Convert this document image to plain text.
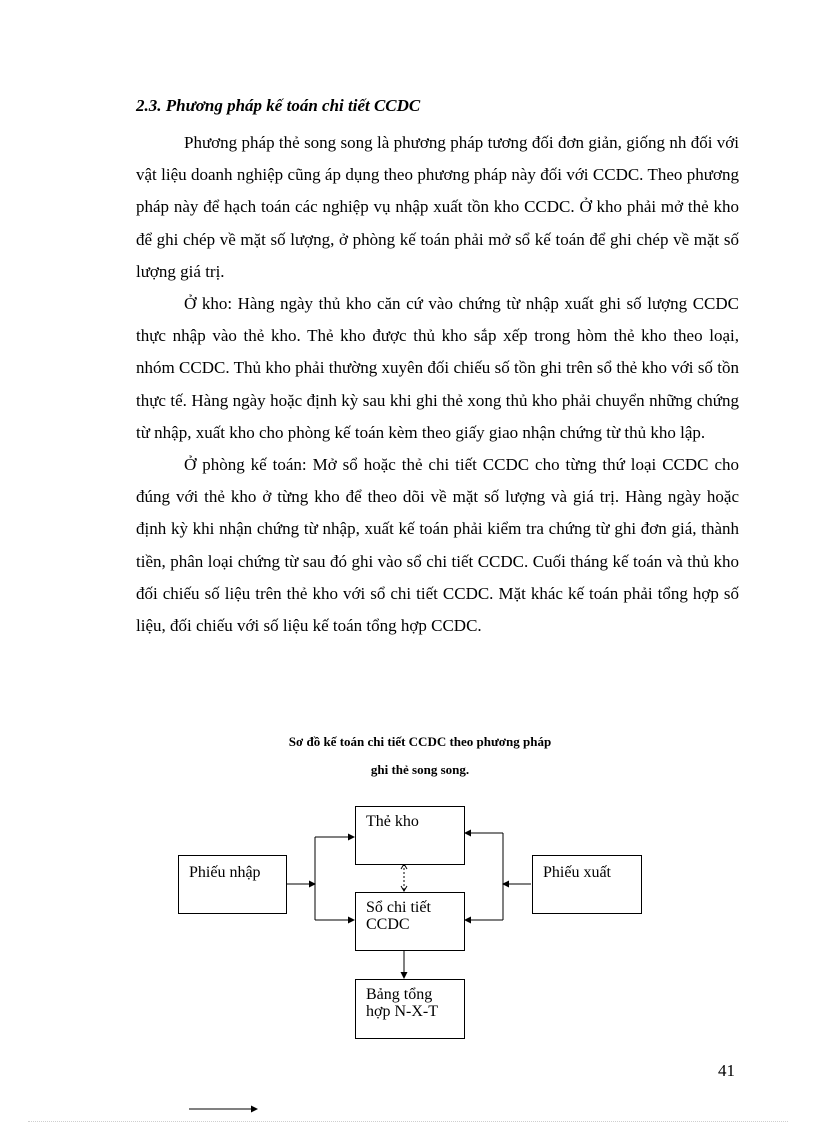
2.3. Phương pháp kế toán chi tiết CCDC

Phương pháp thẻ song song là phương pháp tương đối đơn giản, giống nh đối với vật liệu doanh nghiệp cũng áp dụng theo phương pháp này đối với CCDC. Theo phương pháp này để hạch toán các nghiệp vụ nhập xuất tồn kho CCDC. Ở kho phải mở thẻ kho để ghi chép về mặt số lượng, ở phòng kế toán phải mở sổ kế toán để ghi chép về mặt số lượng giá trị.

Ở kho: Hàng ngày thủ kho căn cứ vào chứng từ nhập xuất ghi số lượng CCDC thực nhập vào thẻ kho. Thẻ kho được thủ kho sắp xếp trong hòm thẻ kho theo loại, nhóm CCDC. Thủ kho phải thường xuyên đối chiếu số tồn ghi trên sổ thẻ kho với số tồn thực tế. Hàng ngày hoặc định kỳ sau khi ghi thẻ xong thủ kho phải chuyển những chứng từ nhập, xuất kho cho phòng kế toán kèm theo giấy giao nhận chứng từ thủ kho lập.

Ở phòng kế toán: Mở sổ hoặc thẻ chi tiết CCDC cho từng thứ loại CCDC cho đúng với thẻ kho ở từng kho để theo dõi về mặt số lượng và giá trị. Hàng ngày hoặc định kỳ khi nhận chứng từ nhập, xuất kế toán phải kiểm tra chứng từ ghi đơn giá, thành tiền, phân loại chứng từ sau đó ghi vào sổ chi tiết CCDC. Cuối tháng kế toán và thủ kho đối chiếu số liệu trên thẻ kho với sổ chi tiết CCDC. Mặt khác kế toán phải tổng hợp số liệu, đối chiếu với số liệu kế toán tổng hợp CCDC.

Sơ đồ kế toán chi tiết CCDC theo phương pháp
ghi thẻ song song.
Thẻ kho
Phiếu nhập	Phiếu xuất
Sổ chi tiết
CCDC
Bảng tổng
hợp N-X-T
41
